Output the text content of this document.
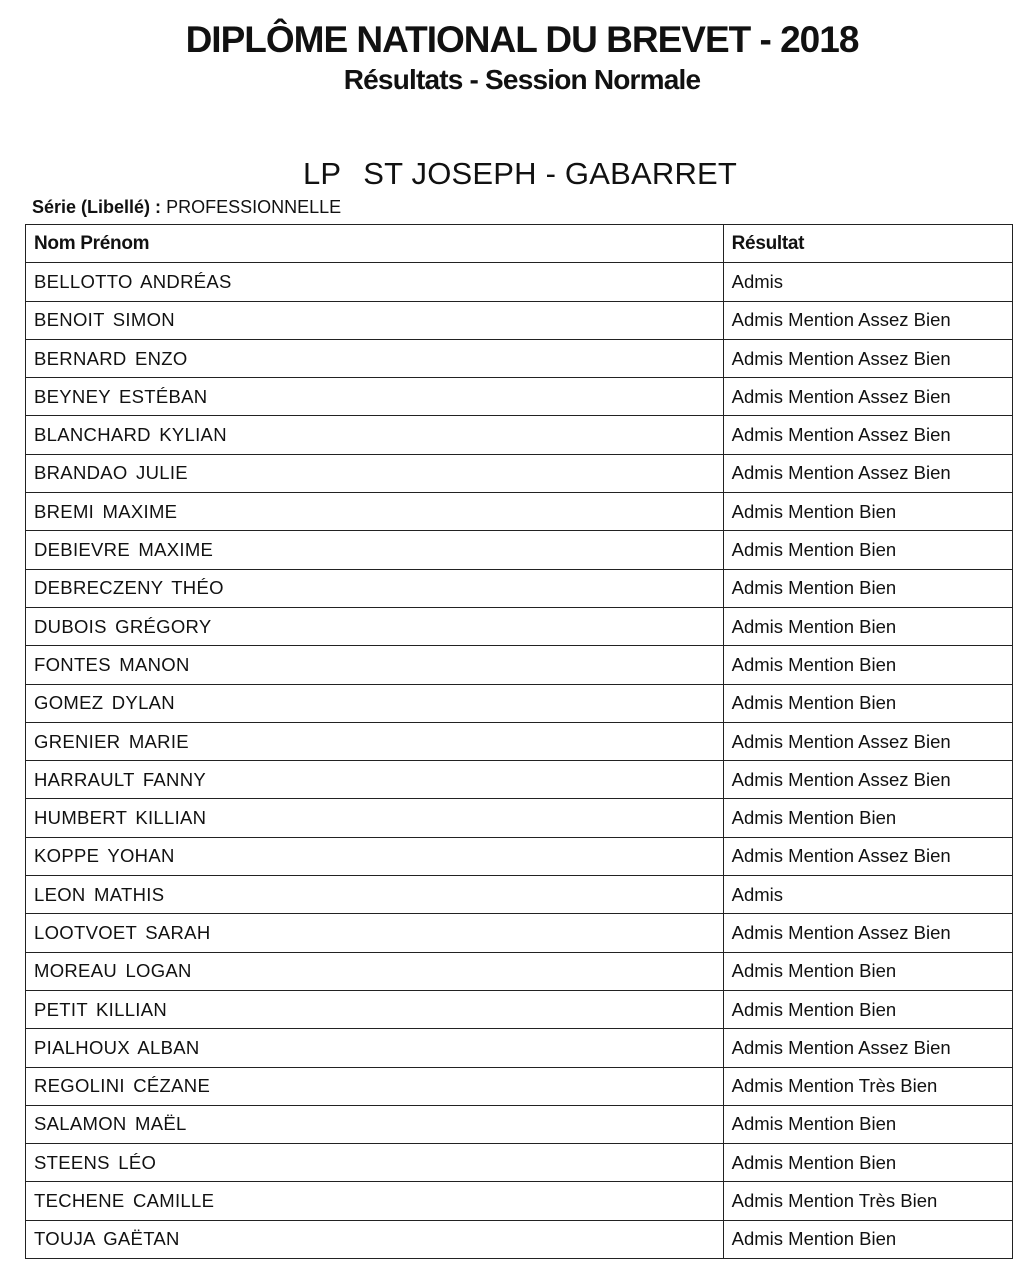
DIPLÔME NATIONAL DU BREVET - 2018
Résultats - Session Normale
LP ST JOSEPH - GABARRET
Série (Libellé) : PROFESSIONNELLE
Nom Prénom	Résultat
BELLOTTO ANDRÉAS	Admis
BENOIT SIMON	Admis Mention Assez Bien
BERNARD ENZO	Admis Mention Assez Bien
BEYNEY ESTÉBAN	Admis Mention Assez Bien
BLANCHARD KYLIAN	Admis Mention Assez Bien
BRANDAO JULIE	Admis Mention Assez Bien
BREMI MAXIME	Admis Mention Bien
DEBIEVRE MAXIME	Admis Mention Bien
DEBRECZENY THÉO	Admis Mention Bien
DUBOIS GRÉGORY	Admis Mention Bien
FONTES MANON	Admis Mention Bien
GOMEZ DYLAN	Admis Mention Bien
GRENIER MARIE	Admis Mention Assez Bien
HARRAULT FANNY	Admis Mention Assez Bien
HUMBERT KILLIAN	Admis Mention Bien
KOPPE YOHAN	Admis Mention Assez Bien
LEON MATHIS	Admis
LOOTVOET SARAH	Admis Mention Assez Bien
MOREAU LOGAN	Admis Mention Bien
PETIT KILLIAN	Admis Mention Bien
PIALHOUX ALBAN	Admis Mention Assez Bien
REGOLINI CÉZANE	Admis Mention Très Bien
SALAMON MAËL	Admis Mention Bien
STEENS LÉO	Admis Mention Bien
TECHENE CAMILLE	Admis Mention Très Bien
TOUJA GAËTAN	Admis Mention Bien
